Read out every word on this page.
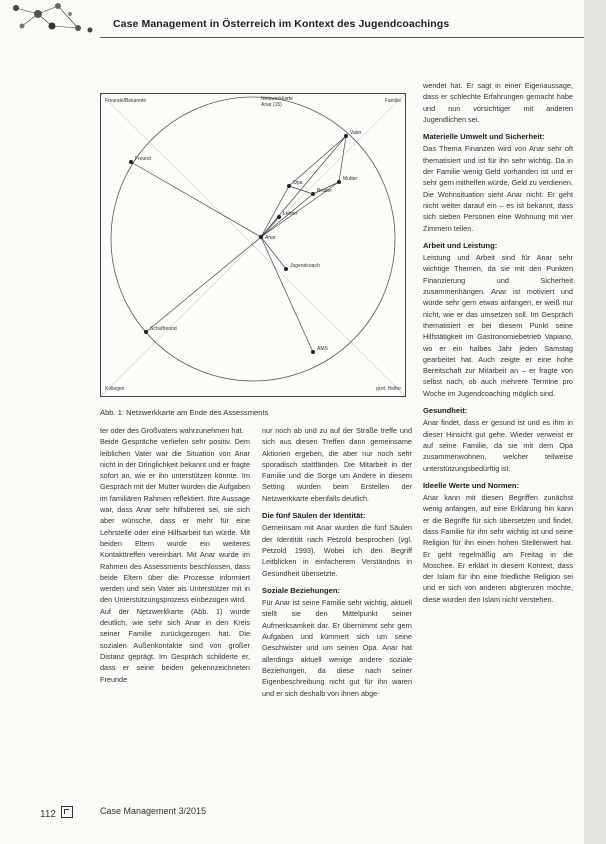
Case Management in Österreich im Kontext des Jugendcoachings
Freund
Vater
Mutter
Bruder
Opa
Lehrer
Jugendcoach
AMS
Schulfreund
Freunde/Bekannte	Familie
Kollegen	prof. Helfer
Netzwerkkarte
Anar (15)
Anar
Abb. 1: Netzwerkkarte am Ende des Assessments

ter oder des Großvaters wahrzunehmen hat.

Beide Gespräche verliefen sehr positiv. Dem leiblichen Vater war die Situation von Anar nicht in der Dringlichkeit bekannt und er fragte sofort an, wie er ihn unterstützen könnte. Im Gespräch mit der Mutter wurden die Aufgaben im familiären Rahmen reflektiert. Ihre Aussage war, dass Anar sehr hilfsbereit sei, sie sich aber wünsche, dass er mehr für eine Lehrstelle oder eine Hilfsarbeit tun würde. Mit beiden Eltern wurde ein weiteres Kontakttreffen vereinbart. Mit Anar wurde im Rahmen des Assessments beschlossen, dass beide Eltern über die Prozesse informiert werden und sein Vater als Unterstützer mit in den Unterstützungsprozess einbezogen wird.

Auf der Netzwerkkarte (Abb. 1) wurde deutlich, wie sehr sich Anar in den Kreis seiner Familie zurückgezogen hat. Die sozialen Außenkontakte sind von großer Distanz geprägt. Im Gespräch schilderte er, dass er seine beiden gekennzeichneten Freunde

nur noch ab und zu auf der Straße treffe und sich aus diesen Treffen dann gemeinsame Aktionen ergeben, die aber nur noch sehr sporadisch stattfänden. Die Mitarbeit in der Familie und die Sorge um Andere in diesem Setting wurden beim Erstellen der Netzwerkkarte ebenfalls deutlich.

Die fünf Säulen der Identität:

Gemeinsam mit Anar wurden die fünf Säulen der Identität nach Petzold besprochen (vgl. Petzold 1993). Wobei ich den Begriff Leitblicken in einfacherem Verständnis in Gesundheit übersetzte.

Soziale Beziehungen:

Für Anar ist seine Familie sehr wichtig, aktuell stellt sie den Mittelpunkt seiner Aufmerksamkeit dar. Er übernimmt sehr gern Aufgaben und kümmert sich um seine Geschwister und um seinen Opa. Anar hat allerdings aktuell wenige andere soziale Beziehungen, da diese nach seiner Eigenbeschreibung nicht gut für ihn waren und er sich deshalb von ihnen abge-

wendet hat. Er sagt in einer Eigenaussage, dass er schlechte Erfahrungen gemacht habe und nun vorsichtiger mit anderen Jugendlichen sei.

Materielle Umwelt und Sicherheit:

Das Thema Finanzen wird von Anar sehr oft thematisiert und ist für ihn sehr wichtig. Da in der Familie wenig Geld vorhanden ist und er sehr gern mithelfen würde, Geld zu verdienen. Die Wohnsituation sieht Anar nicht. Er geht nicht weiter darauf ein – es ist bekannt, dass sich sieben Personen eine Wohnung mit vier Zimmern teilen.

Arbeit und Leistung:

Leistung und Arbeit sind für Anar sehr wichtige Themen, da sie mit den Punkten Finanzierung und Sicherheit zusammenhängen. Anar ist motiviert und würde sehr gern etwas anfangen, er weiß nur nicht, wie er das umsetzen soll. Im Gespräch thematisiert er bei diesem Punkt seine Hilfstätigkeit im Gastronomiebetrieb Vapiano, wo er ein halbes Jahr jeden Samstag gearbeitet hat. Auch zeigte er eine hohe Bereitschaft zur Mitarbeit an – er fragte von selbst nach, ob auch mehrere Termine pro Woche im Jugendcoaching möglich sind.

Gesundheit:

Anar findet, dass er gesund ist und es ihm in dieser Hinsicht gut gehe. Wieder verweist er auf seine Familie, da sie mit dem Opa zusammenwohnen, welcher teilweise unterstützungsbedürftig ist.

Ideelle Werte und Normen:

Anar kann mit diesen Begriffen zunächst wenig anfangen, auf eine Erklärung hin kann er die Begriffe für sich übersetzen und findet, dass Familie für ihn sehr wichtig ist und seine Religion für ihn einen hohen Stellenwert hat. Er geht regelmäßig am Freitag in die Moschee. Er erklärt in diesem Kontext, dass der Islam für ihn eine friedliche Religion sei und er sich von anderen abgrenzen möchte, diese wurden den Islam nicht verstehen.

112	Case Management 3/2015
